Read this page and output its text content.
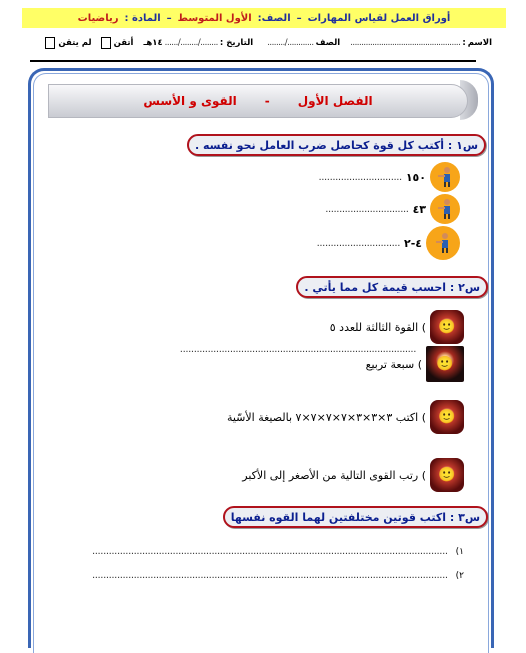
أوراق العمل لقياس المهارات
–
الصف:
الأول المتوسط
–
المادة :
رياضيات
الاسم
:
..................................................
الصف
............/........
التاريخ :
......../......../......
١٤هـ
أتقن
لم يتقن
الفصل الأول
-
القوى و الأسس
س١ : أكتب كل قوة كحاصل ضرب العامل نحو نفسه .
١٥٠
..............................
٤٣
..............................
٤-٢
..............................
س٢ : احسب قيمة كل مما يأتي .
🙂
) القوة الثالثة للعدد ٥
.....................................................................................
🙂
) سبعة تربيع
🙂
) اكتب ٣×٣×٣×٧×٧×٧×٧ بالصيغة الأسّية
🙂
) رتب القوى التالية من الأصغر إلى الأكبر
س٣ : اكتب قوتين مختلفتين لهما القوه نفسها
١)
................................................................................................................................
٢)
................................................................................................................................
